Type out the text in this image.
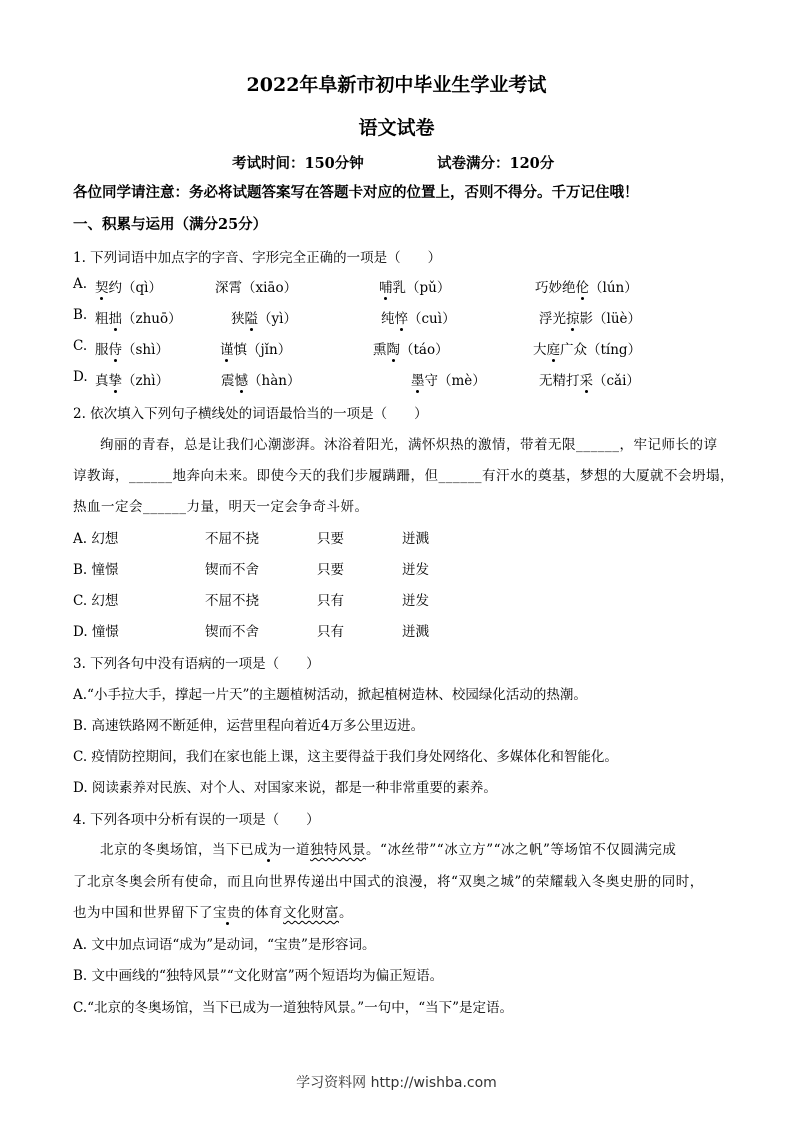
2022年阜新市初中毕业生学业考试
语文试卷
考试时间：150分钟	试卷满分：120分
各位同学请注意：务必将试题答案写在答题卡对应的位置上，否则不得分。千万记住哦！
一、积累与运用（满分25分）
1. 下列词语中加点字的字音、字形完全正确的一项是（　　）
A. 契约（qì）	深霄（xiāo）	哺乳（pǔ）	巧妙绝伦（lún）
B. 粗拙（zhuō）	狭隘（yì）	纯悴（cuì）	浮光掠影（lüè）
C. 服侍（shì）	谨慎（jǐn）	熏陶（táo）	大庭广众（tíng）
D. 真挚（zhì）	震憾（hàn）	墨守（mè）	无精打采（cǎi）
2. 依次填入下列句子横线处的词语最恰当的一项是（　　）
绚丽的青春，总是让我们心潮澎湃。沐浴着阳光，满怀炽热的激情，带着无限______，牢记师长的谆
谆教诲，______地奔向未来。即使今天的我们步履蹒跚，但______有汗水的奠基，梦想的大厦就不会坍塌，
热血一定会______力量，明天一定会争奇斗妍。
A. 幻想	不屈不挠	只要	迸溅
B. 憧憬	锲而不舍	只要	迸发
C. 幻想	不屈不挠	只有	迸发
D. 憧憬	锲而不舍	只有	迸溅
3. 下列各句中没有语病的一项是（　　）
A.“小手拉大手，撑起一片天”的主题植树活动，掀起植树造林、校园绿化活动的热潮。
B. 高速铁路网不断延伸，运营里程向着近4万多公里迈进。
C. 疫情防控期间，我们在家也能上课，这主要得益于我们身处网络化、多媒体化和智能化。
D. 阅读素养对民族、对个人、对国家来说，都是一种非常重要的素养。
4. 下列各项中分析有误的一项是（　　）
北京的冬奥场馆，当下已成为一道独特风景。“冰丝带”“冰立方”“冰之帆”等场馆不仅圆满完成
了北京冬奥会所有使命，而且向世界传递出中国式的浪漫，将“双奥之城”的荣耀载入冬奥史册的同时，
也为中国和世界留下了宝贵的体育文化财富。
A. 文中加点词语“成为”是动词，“宝贵”是形容词。
B. 文中画线的“独特风景”“文化财富”两个短语均为偏正短语。
C.“北京的冬奥场馆，当下已成为一道独特风景。”一句中，“当下”是定语。
学习资料网 http://wishba.com
